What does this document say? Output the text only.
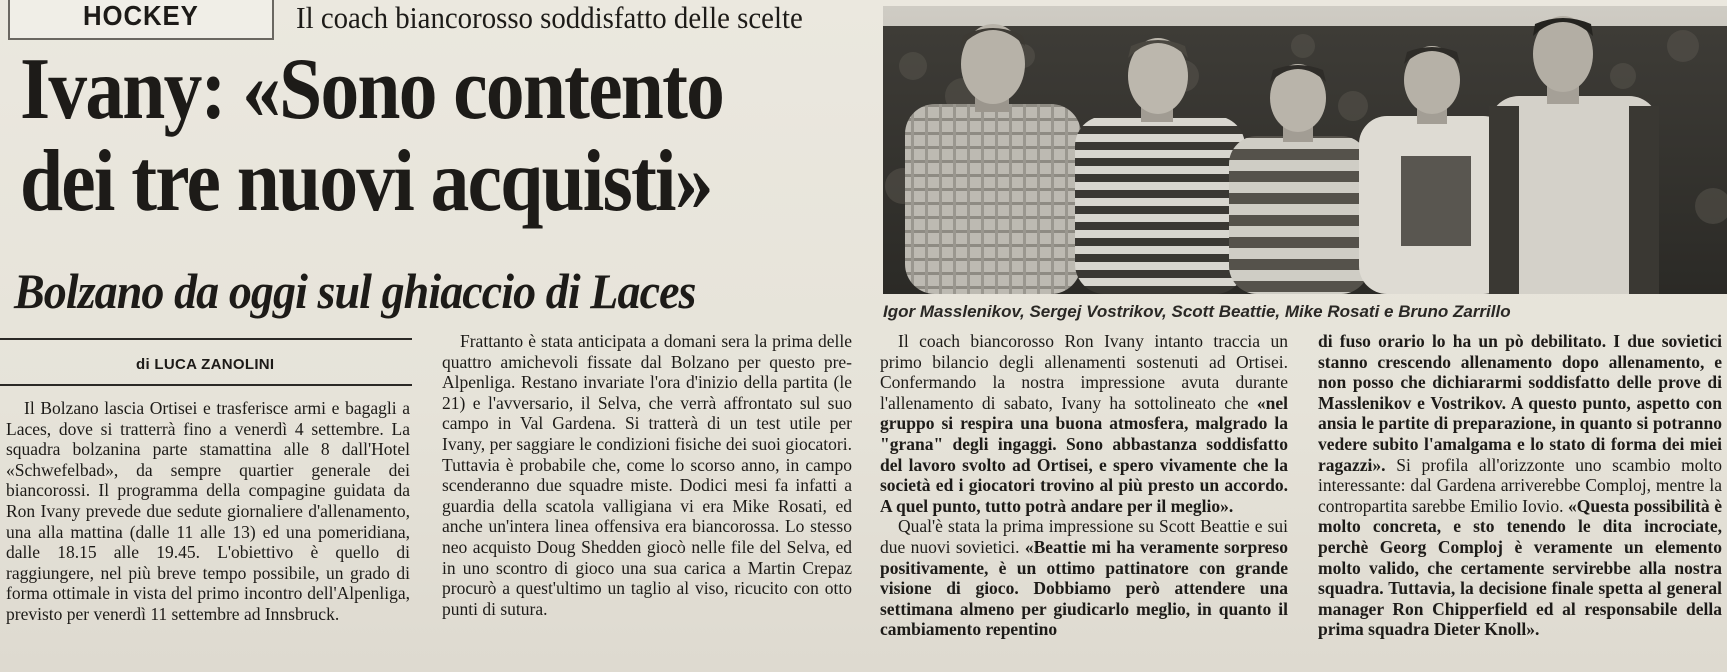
HOCKEY	Il coach biancorosso soddisfatto delle scelte
Ivany: «Sono contento
dei tre nuovi acquisti»
Bolzano da oggi sul ghiaccio di Laces	Igor Masslenikov, Sergej Vostrikov, Scott Beattie, Mike Rosati e Bruno Zarrillo
di LUCA ZANOLINI

Il Bolzano lascia Ortisei e trasferisce armi e bagagli a Laces, dove si tratterrà fino a venerdì 4 settembre. La squadra bolzanina parte stamattina alle 8 dall'Hotel «Schwefelbad», da sempre quartier generale dei biancorossi. Il programma della compagine guidata da Ron Ivany prevede due sedute giornaliere d'allenamento, una alla mattina (dalle 11 alle 13) ed una pomeridiana, dalle 18.15 alle 19.45. L'obiettivo è quello di raggiungere, nel più breve tempo possibile, un grado di forma ottimale in vista del primo incontro dell'Alpenliga, previsto per venerdì 11 settembre ad Innsbruck.

Frattanto è stata anticipata a domani sera la prima delle quattro amichevoli fissate dal Bolzano per questo pre-Alpenliga. Restano invariate l'ora d'inizio della partita (le 21) e l'avversario, il Selva, che verrà affrontato sul suo campo in Val Gardena. Si tratterà di un test utile per Ivany, per saggiare le condizioni fisiche dei suoi giocatori. Tuttavia è probabile che, come lo scorso anno, in campo scenderanno due squadre miste. Dodici mesi fa infatti a guardia della scatola valligiana vi era Mike Rosati, ed anche un'intera linea offensiva era biancorossa. Lo stesso neo acquisto Doug Shedden giocò nelle file del Selva, ed in uno scontro di gioco una sua carica a Martin Crepaz procurò a quest'ultimo un taglio al viso, ricucito con otto punti di sutura.

Il coach biancorosso Ron Ivany intanto traccia un primo bilancio degli allenamenti sostenuti ad Ortisei. Confermando la nostra impressione avuta durante l'allenamento di sabato, Ivany ha sottolineato che «nel gruppo si respira una buona atmosfera, malgrado la "grana" degli ingaggi. Sono abbastanza soddisfatto del lavoro svolto ad Ortisei, e spero vivamente che la società ed i giocatori trovino al più presto un accordo. A quel punto, tutto potrà andare per il meglio».

Qual'è stata la prima impressione su Scott Beattie e sui due nuovi sovietici. «Beattie mi ha veramente sorpreso positivamente, è un ottimo pattinatore con grande visione di gioco. Dobbiamo però attendere una settimana almeno per giudicarlo meglio, in quanto il cambiamento repentino

di fuso orario lo ha un pò debilitato. I due sovietici stanno crescendo allenamento dopo allenamento, e non posso che dichiararmi soddisfatto delle prove di Masslenikov e Vostrikov. A questo punto, aspetto con ansia le partite di preparazione, in quanto si potranno vedere subito l'amalgama e lo stato di forma dei miei ragazzi». Si profila all'orizzonte uno scambio molto interessante: dal Gardena arriverebbe Comploj, mentre la contropartita sarebbe Emilio Iovio. «Questa possibilità è molto concreta, e sto tenendo le dita incrociate, perchè Georg Comploj è veramente un elemento molto valido, che certamente servirebbe alla nostra squadra. Tuttavia, la decisione finale spetta al general manager Ron Chipperfield ed al responsabile della prima squadra Dieter Knoll».
